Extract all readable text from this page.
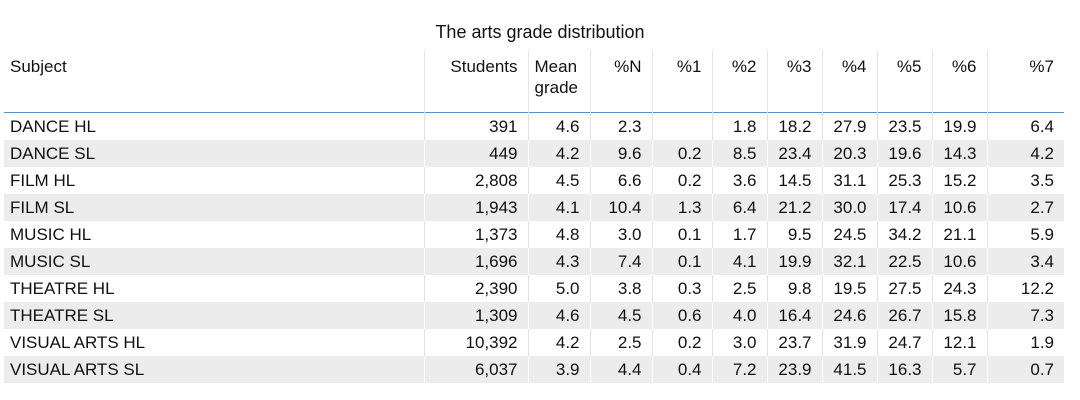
The arts grade distribution
Subject	Students	Mean grade	%N	%1	%2	%3	%4	%5	%6	%7
DANCE HL	391	4.6	2.3		1.8	18.2	27.9	23.5	19.9	6.4
DANCE SL	449	4.2	9.6	0.2	8.5	23.4	20.3	19.6	14.3	4.2
FILM HL	2,808	4.5	6.6	0.2	3.6	14.5	31.1	25.3	15.2	3.5
FILM SL	1,943	4.1	10.4	1.3	6.4	21.2	30.0	17.4	10.6	2.7
MUSIC HL	1,373	4.8	3.0	0.1	1.7	9.5	24.5	34.2	21.1	5.9
MUSIC SL	1,696	4.3	7.4	0.1	4.1	19.9	32.1	22.5	10.6	3.4
THEATRE HL	2,390	5.0	3.8	0.3	2.5	9.8	19.5	27.5	24.3	12.2
THEATRE SL	1,309	4.6	4.5	0.6	4.0	16.4	24.6	26.7	15.8	7.3
VISUAL ARTS HL	10,392	4.2	2.5	0.2	3.0	23.7	31.9	24.7	12.1	1.9
VISUAL ARTS SL	6,037	3.9	4.4	0.4	7.2	23.9	41.5	16.3	5.7	0.7
